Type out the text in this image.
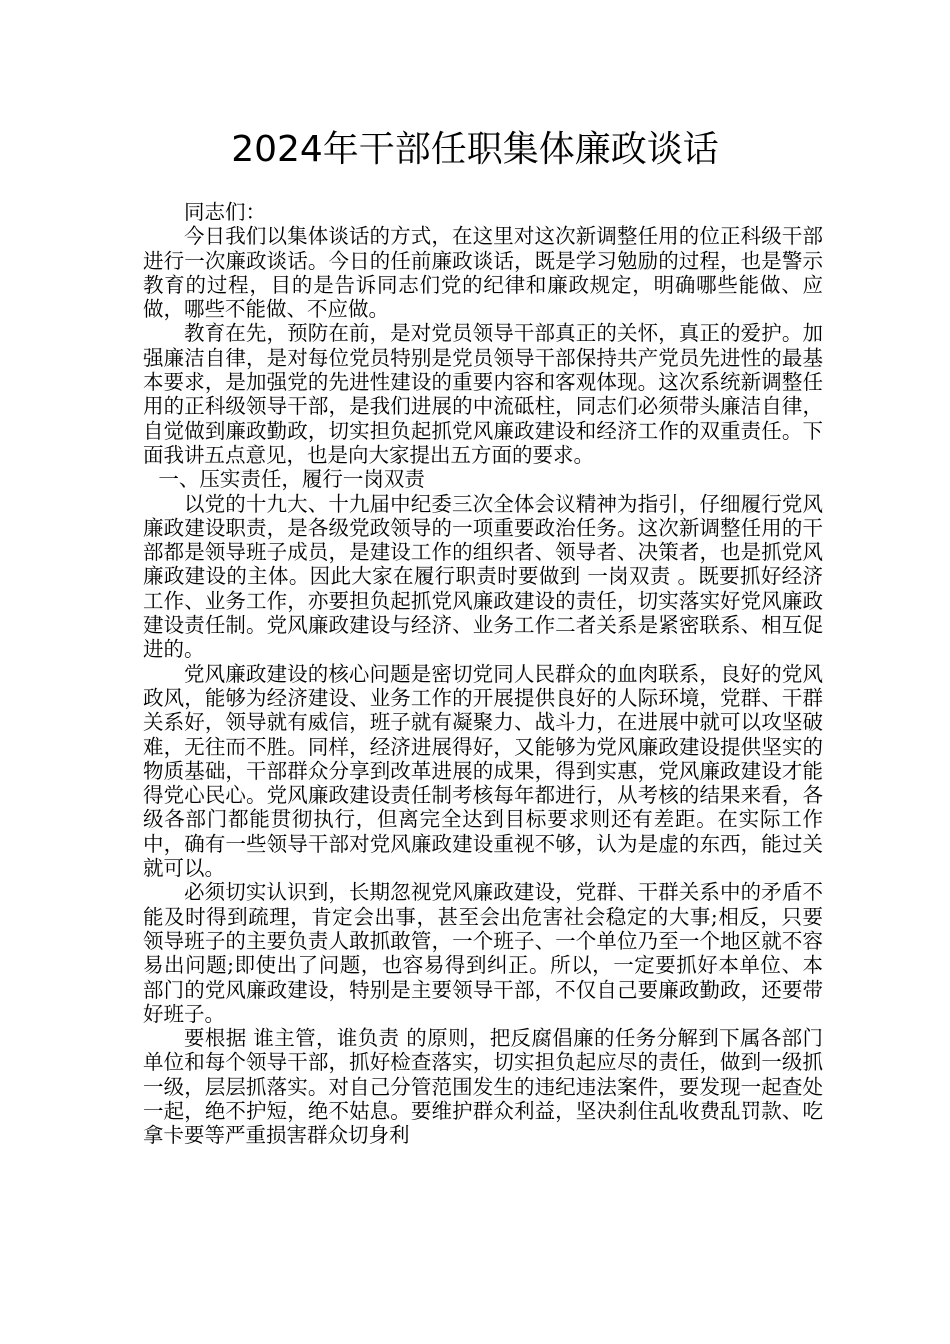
2024年干部任职集体廉政谈话

同志们：

今日我们以集体谈话的方式，在这里对这次新调整任用的位正科级干部进行一次廉政谈话。今日的任前廉政谈话，既是学习勉励的过程，也是警示教育的过程，目的是告诉同志们党的纪律和廉政规定，明确哪些能做、应做，哪些不能做、不应做。

教育在先，预防在前，是对党员领导干部真正的关怀，真正的爱护。加强廉洁自律，是对每位党员特别是党员领导干部保持共产党员先进性的最基本要求，是加强党的先进性建设的重要内容和客观体现。这次系统新调整任用的正科级领导干部，是我们进展的中流砥柱，同志们必须带头廉洁自律，自觉做到廉政勤政，切实担负起抓党风廉政建设和经济工作的双重责任。下面我讲五点意见，也是向大家提出五方面的要求。

一、压实责任，履行一岗双责

以党的十九大、十九届中纪委三次全体会议精神为指引，仔细履行党风廉政建设职责，是各级党政领导的一项重要政治任务。这次新调整任用的干部都是领导班子成员，是建设工作的组织者、领导者、决策者，也是抓党风廉政建设的主体。因此大家在履行职责时要做到 一岗双责 。既要抓好经济工作、业务工作，亦要担负起抓党风廉政建设的责任，切实落实好党风廉政建设责任制。党风廉政建设与经济、业务工作二者关系是紧密联系、相互促进的。

党风廉政建设的核心问题是密切党同人民群众的血肉联系，良好的党风政风，能够为经济建设、业务工作的开展提供良好的人际环境，党群、干群关系好，领导就有威信，班子就有凝聚力、战斗力，在进展中就可以攻坚破难，无往而不胜。同样，经济进展得好，又能够为党风廉政建设提供坚实的物质基础，干部群众分享到改革进展的成果，得到实惠，党风廉政建设才能得党心民心。党风廉政建设责任制考核每年都进行，从考核的结果来看，各级各部门都能贯彻执行，但离完全达到目标要求则还有差距。在实际工作中，确有一些领导干部对党风廉政建设重视不够，认为是虚的东西，能过关就可以。

必须切实认识到，长期忽视党风廉政建设，党群、干群关系中的矛盾不能及时得到疏理，肯定会出事，甚至会出危害社会稳定的大事;相反，只要领导班子的主要负责人敢抓敢管，一个班子、一个单位乃至一个地区就不容易出问题;即使出了问题，也容易得到纠正。所以，一定要抓好本单位、本部门的党风廉政建设，特别是主要领导干部，不仅自己要廉政勤政，还要带好班子。

要根据 谁主管，谁负责 的原则，把反腐倡廉的任务分解到下属各部门单位和每个领导干部，抓好检查落实，切实担负起应尽的责任，做到一级抓一级，层层抓落实。对自己分管范围发生的违纪违法案件，要发现一起查处一起，绝不护短，绝不姑息。要维护群众利益，坚决刹住乱收费乱罚款、吃拿卡要等严重损害群众切身利
